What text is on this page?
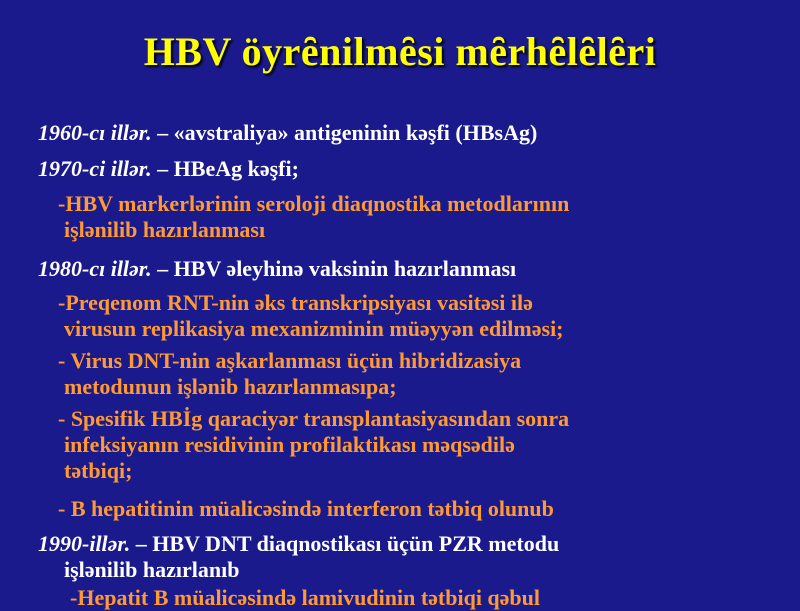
HBV öyrȇnilmȇsi mȇrhȇlȇlȇri
1960-cı illər. – «avstraliya» antigeninin kəşfi (HBsAg)
1970-ci illər. – HBeAg kəşfi;
-HBV markerlərinin seroloji diaqnostika metodlarının
işlənilib hazırlanması
1980-cı illər. – HBV əleyhinə vaksinin hazırlanması
-Preqenom RNT-nin əks transkripsiyası vasitəsi ilə
virusun replikasiya mexanizminin müəyyən edilməsi;
- Virus DNT-nin aşkarlanması üçün hibridizasiya
metodunun işlənib hazırlanmasıpa;
- Spesifik HBİg qaraciyər transplantasiyasından sonra
infeksiyanın residivinin profilaktikası məqsədilə
tətbiqi;
- B hepatitinin müalicəsində interferon tətbiq olunub
1990-illər. – HBV DNT diaqnostikası üçün PZR metodu
işlənilib hazırlanıb
-Hepatit B müalicəsində lamivudinin tətbiqi qəbul
